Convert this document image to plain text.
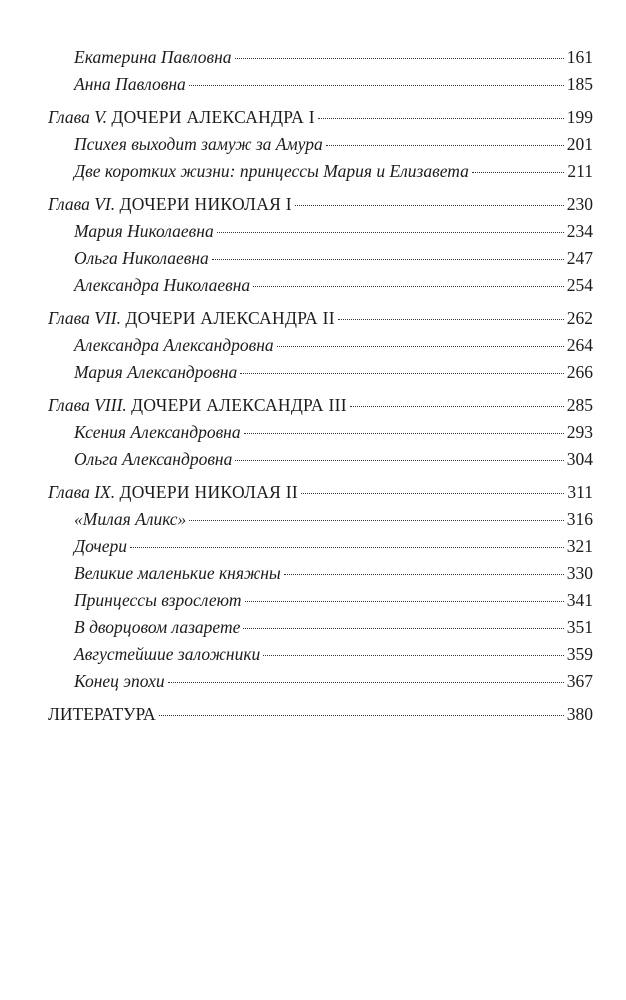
Екатерина Павловна	161
Анна Павловна	185
Глава V. ДОЧЕРИ АЛЕКСАНДРА I	199
Психея выходит замуж за Амура	201
Две коротких жизни: принцессы Мария и Елизавета	211
Глава VI. ДОЧЕРИ НИКОЛАЯ I	230
Мария Николаевна	234
Ольга Николаевна	247
Александра Николаевна	254
Глава VII. ДОЧЕРИ АЛЕКСАНДРА II	262
Александра Александровна	264
Мария Александровна	266
Глава VIII. ДОЧЕРИ АЛЕКСАНДРА III	285
Ксения Александровна	293
Ольга Александровна	304
Глава IX. ДОЧЕРИ НИКОЛАЯ II	311
«Милая Аликс»	316
Дочери	321
Великие маленькие княжны	330
Принцессы взрослеют	341
В дворцовом лазарете	351
Августейшие заложники	359
Конец эпохи	367
ЛИТЕРАТУРА	380
